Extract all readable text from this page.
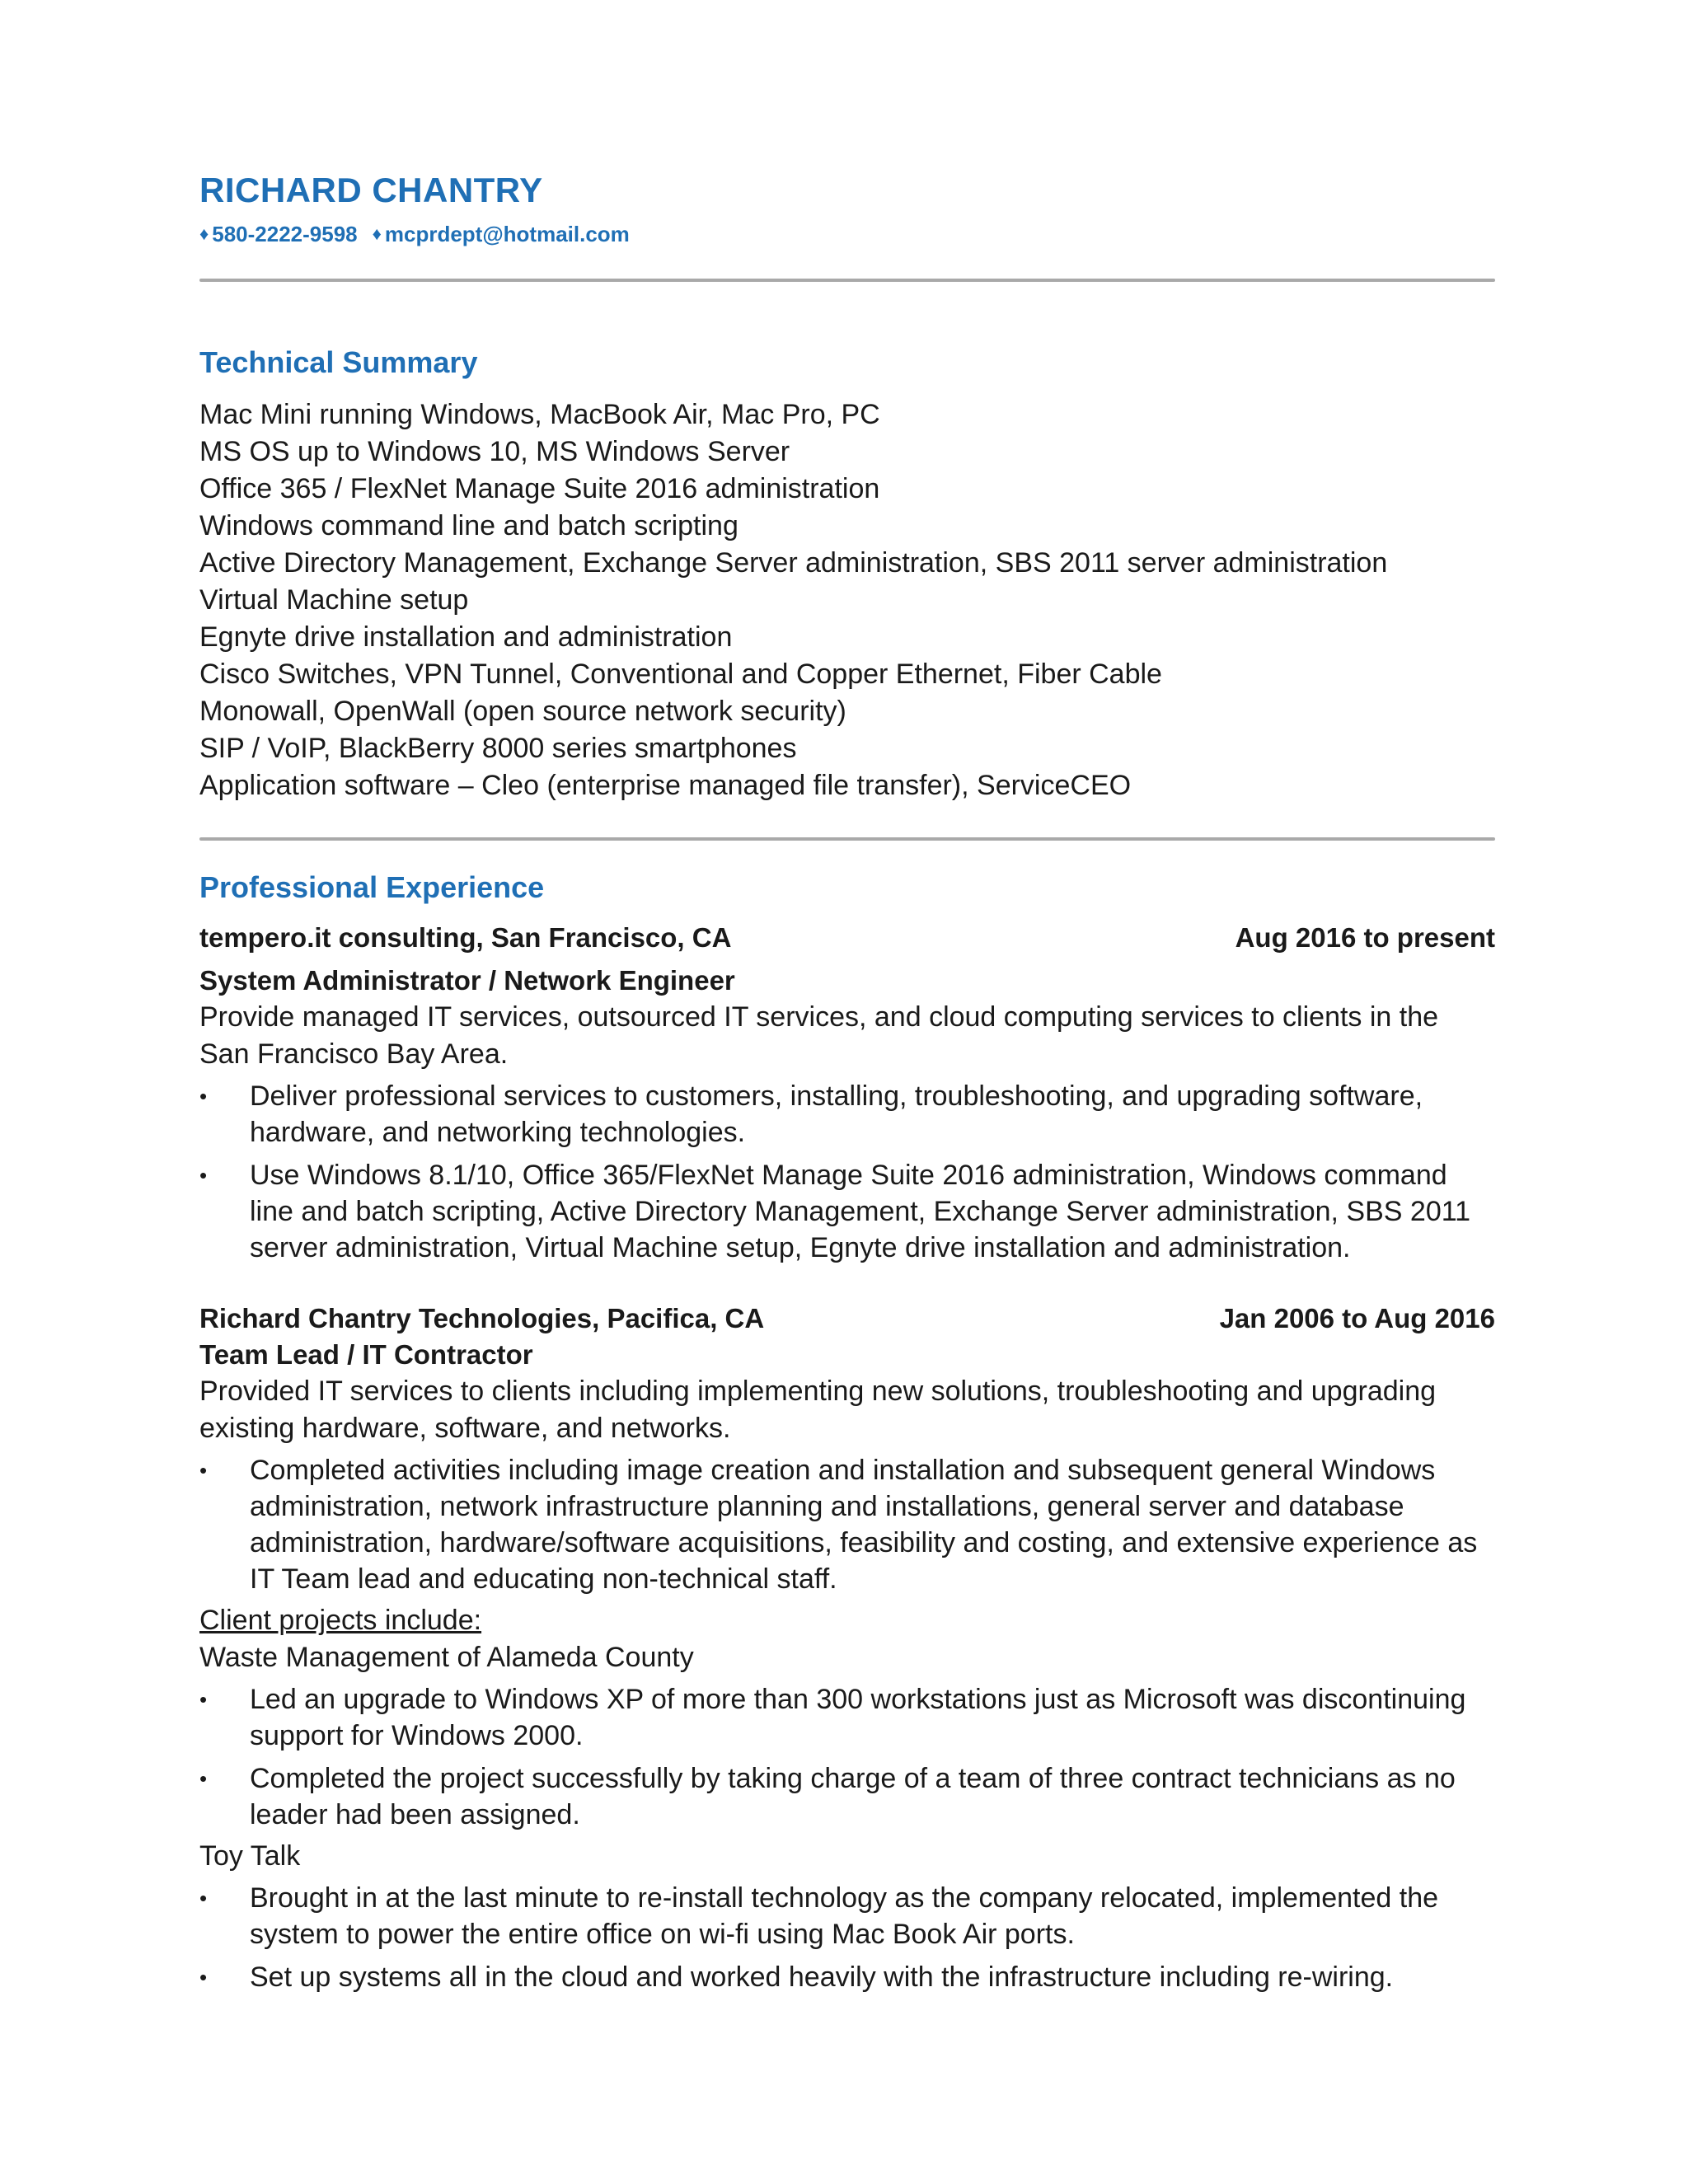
RICHARD CHANTRY
♦ 580-2222-9598 ♦ mcprdept@hotmail.com
Technical Summary
Mac Mini running Windows, MacBook Air, Mac Pro, PC
MS OS up to Windows 10, MS Windows Server
Office 365 / FlexNet Manage Suite 2016 administration
Windows command line and batch scripting
Active Directory Management, Exchange Server administration, SBS 2011 server administration
Virtual Machine setup
Egnyte drive installation and administration
Cisco Switches, VPN Tunnel, Conventional and Copper Ethernet, Fiber Cable
Monowall, OpenWall (open source network security)
SIP / VoIP, BlackBerry 8000 series smartphones
Application software – Cleo (enterprise managed file transfer), ServiceCEO
Professional Experience
tempero.it consulting, San Francisco, CA	Aug 2016 to present
System Administrator / Network Engineer

Provide managed IT services, outsourced IT services, and cloud computing services to clients in the San Francisco Bay Area.

• Deliver professional services to customers, installing, troubleshooting, and upgrading software, hardware, and networking technologies.
• Use Windows 8.1/10, Office 365/FlexNet Manage Suite 2016 administration, Windows command line and batch scripting, Active Directory Management, Exchange Server administration, SBS 2011 server administration, Virtual Machine setup, Egnyte drive installation and administration.
Richard Chantry Technologies, Pacifica, CA	Jan 2006 to Aug 2016
Team Lead / IT Contractor

Provided IT services to clients including implementing new solutions, troubleshooting and upgrading existing hardware, software, and networks.

• Completed activities including image creation and installation and subsequent general Windows administration, network infrastructure planning and installations, general server and database administration, hardware/software acquisitions, feasibility and costing, and extensive experience as IT Team lead and educating non-technical staff.

Client projects include:

Waste Management of Alameda County

• Led an upgrade to Windows XP of more than 300 workstations just as Microsoft was discontinuing support for Windows 2000.
• Completed the project successfully by taking charge of a team of three contract technicians as no leader had been assigned.

Toy Talk

• Brought in at the last minute to re-install technology as the company relocated, implemented the system to power the entire office on wi-fi using Mac Book Air ports.
• Set up systems all in the cloud and worked heavily with the infrastructure including re-wiring.
